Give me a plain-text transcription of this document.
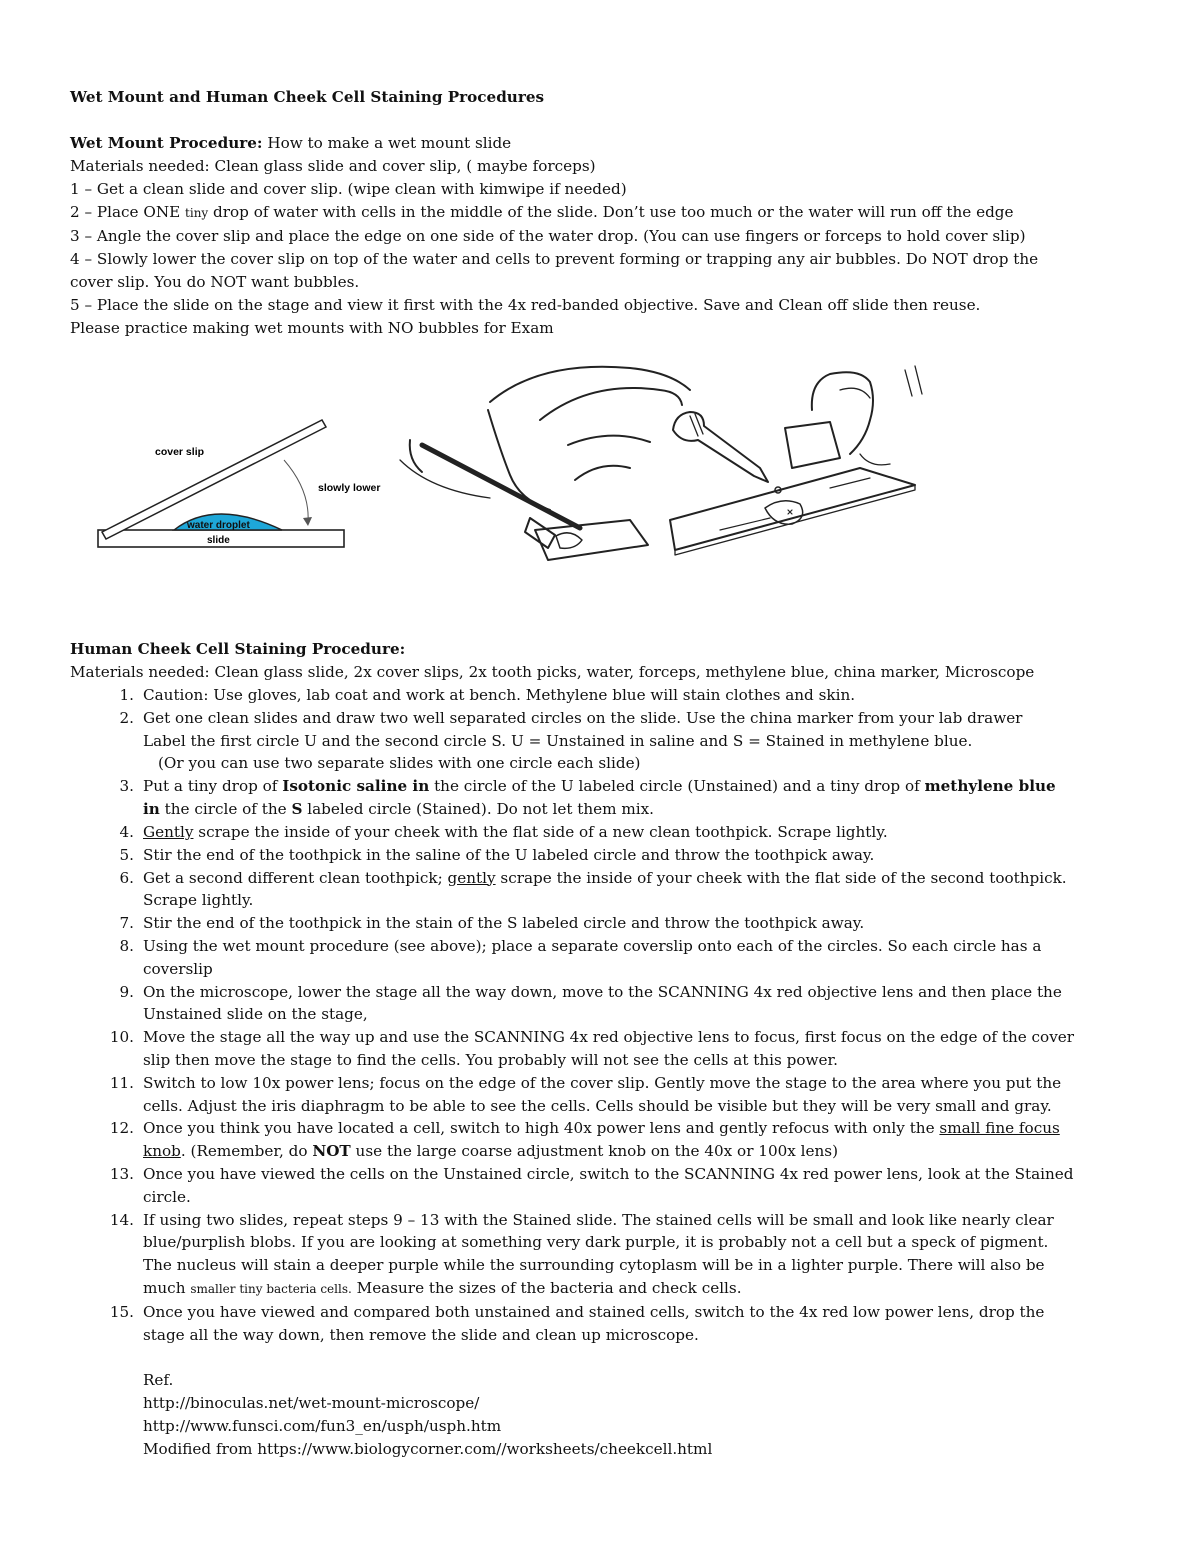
Wet Mount and Human Cheek Cell Staining Procedures
Wet Mount Procedure: How to make a wet mount slide
Materials needed: Clean glass slide and cover slip, ( maybe forceps)
1 – Get a clean slide and cover slip. (wipe clean with kimwipe if needed)
2 – Place ONE tiny drop of water with cells in the middle of the slide. Don’t use too much or the water will run off the edge
3 – Angle the cover slip and place the edge on one side of the water drop. (You can use fingers or forceps to hold cover slip)
4 – Slowly lower the cover slip on top of the water and cells to prevent forming or trapping any air bubbles. Do NOT drop the
cover slip. You do NOT want bubbles.
5 – Place the slide on the stage and view it first with the 4x red-banded objective. Save and Clean off slide then reuse.
Please practice making wet mounts with NO bubbles for Exam
cover slip
slowly lower
water droplet
slide
Human Cheek Cell Staining Procedure:
Materials needed: Clean glass slide, 2x cover slips, 2x tooth picks, water, forceps, methylene blue, china marker, Microscope
1. Caution: Use gloves, lab coat and work at bench. Methylene blue will stain clothes and skin.
2. Get one clean slides and draw two well separated circles on the slide. Use the china marker from your lab drawer
Label the first circle U and the second circle S. U = Unstained in saline and S = Stained in methylene blue.
(Or you can use two separate slides with one circle each slide)
3. Put a tiny drop of Isotonic saline in the circle of the U labeled circle (Unstained) and a tiny drop of methylene blue
in the circle of the S labeled circle (Stained). Do not let them mix.
4. Gently scrape the inside of your cheek with the flat side of a new clean toothpick. Scrape lightly.
5. Stir the end of the toothpick in the saline of the U labeled circle and throw the toothpick away.
6. Get a second different clean toothpick; gently scrape the inside of your cheek with the flat side of the second toothpick.
Scrape lightly.
7. Stir the end of the toothpick in the stain of the S labeled circle and throw the toothpick away.
8. Using the wet mount procedure (see above); place a separate coverslip onto each of the circles. So each circle has a
coverslip
9. On the microscope, lower the stage all the way down, move to the SCANNING 4x red objective lens and then place the
Unstained slide on the stage,
10. Move the stage all the way up and use the SCANNING 4x red objective lens to focus, first focus on the edge of the cover
slip then move the stage to find the cells. You probably will not see the cells at this power.
11. Switch to low 10x power lens; focus on the edge of the cover slip. Gently move the stage to the area where you put the
cells. Adjust the iris diaphragm to be able to see the cells. Cells should be visible but they will be very small and gray.
12. Once you think you have located a cell, switch to high 40x power lens and gently refocus with only the small fine focus
knob. (Remember, do NOT use the large coarse adjustment knob on the 40x or 100x lens)
13. Once you have viewed the cells on the Unstained circle, switch to the SCANNING 4x red power lens, look at the Stained
circle.
14. If using two slides, repeat steps 9 – 13 with the Stained slide. The stained cells will be small and look like nearly clear
blue/purplish blobs. If you are looking at something very dark purple, it is probably not a cell but a speck of pigment.
The nucleus will stain a deeper purple while the surrounding cytoplasm will be in a lighter purple. There will also be
much smaller tiny bacteria cells. Measure the sizes of the bacteria and check cells.
15. Once you have viewed and compared both unstained and stained cells, switch to the 4x red low power lens, drop the
stage all the way down, then remove the slide and clean up microscope.
Ref.
http://binoculas.net/wet-mount-microscope/
http://www.funsci.com/fun3_en/usph/usph.htm
Modified from https://www.biologycorner.com//worksheets/cheekcell.html
